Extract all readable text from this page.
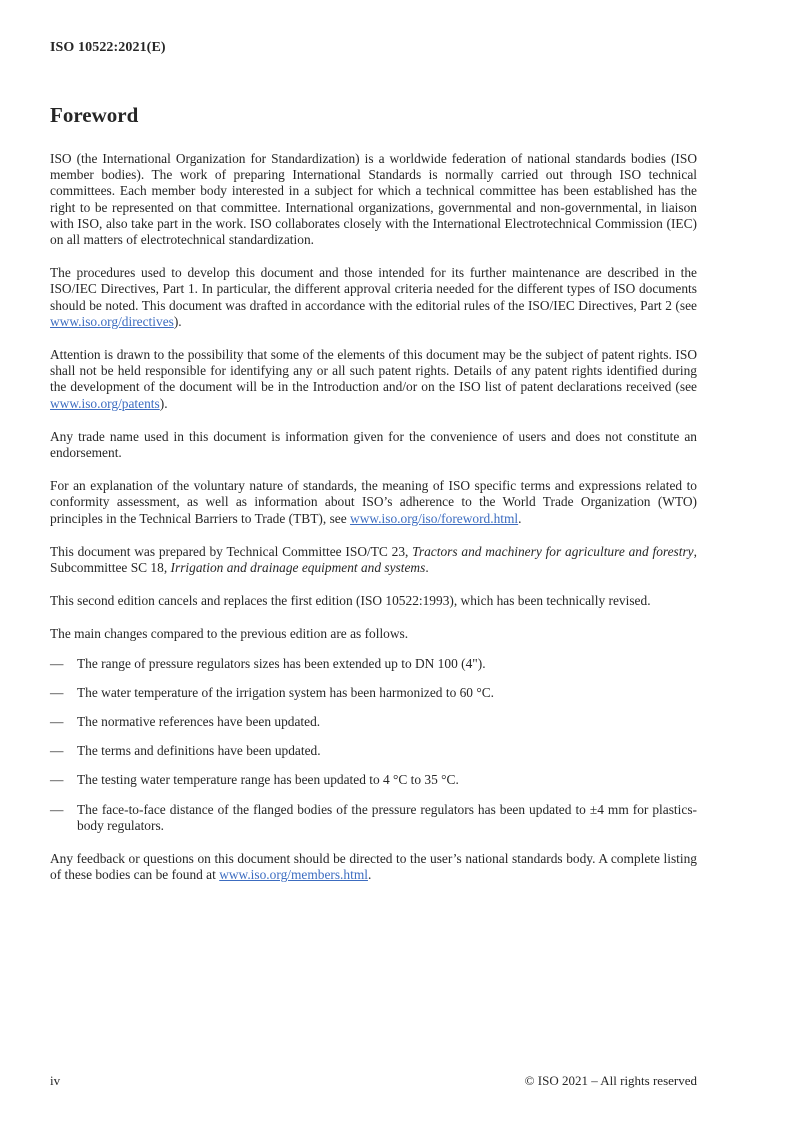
ISO 10522:2021(E)
Foreword

ISO (the International Organization for Standardization) is a worldwide federation of national standards bodies (ISO member bodies). The work of preparing International Standards is normally carried out through ISO technical committees. Each member body interested in a subject for which a technical committee has been established has the right to be represented on that committee. International organizations, governmental and non-governmental, in liaison with ISO, also take part in the work. ISO collaborates closely with the International Electrotechnical Commission (IEC) on all matters of electrotechnical standardization.

The procedures used to develop this document and those intended for its further maintenance are described in the ISO/IEC Directives, Part 1. In particular, the different approval criteria needed for the different types of ISO documents should be noted. This document was drafted in accordance with the editorial rules of the ISO/IEC Directives, Part 2 (see www.iso.org/directives).

Attention is drawn to the possibility that some of the elements of this document may be the subject of patent rights. ISO shall not be held responsible for identifying any or all such patent rights. Details of any patent rights identified during the development of the document will be in the Introduction and/or on the ISO list of patent declarations received (see www.iso.org/patents).

Any trade name used in this document is information given for the convenience of users and does not constitute an endorsement.

For an explanation of the voluntary nature of standards, the meaning of ISO specific terms and expressions related to conformity assessment, as well as information about ISO’s adherence to the World Trade Organization (WTO) principles in the Technical Barriers to Trade (TBT), see www.iso.org/iso/foreword.html.

This document was prepared by Technical Committee ISO/TC 23, Tractors and machinery for agriculture and forestry, Subcommittee SC 18, Irrigation and drainage equipment and systems.

This second edition cancels and replaces the first edition (ISO 10522:1993), which has been technically revised.

The main changes compared to the previous edition are as follows.

—	The range of pressure regulators sizes has been extended up to DN 100 (4").
—	The water temperature of the irrigation system has been harmonized to 60 °C.
—	The normative references have been updated.
—	The terms and definitions have been updated.
—	The testing water temperature range has been updated to 4 °C to 35 °C.
—	The face-to-face distance of the flanged bodies of the pressure regulators has been updated to ±4 mm for plastics-body regulators.

Any feedback or questions on this document should be directed to the user’s national standards body. A complete listing of these bodies can be found at www.iso.org/members.html.

iv	© ISO 2021 – All rights reserved
